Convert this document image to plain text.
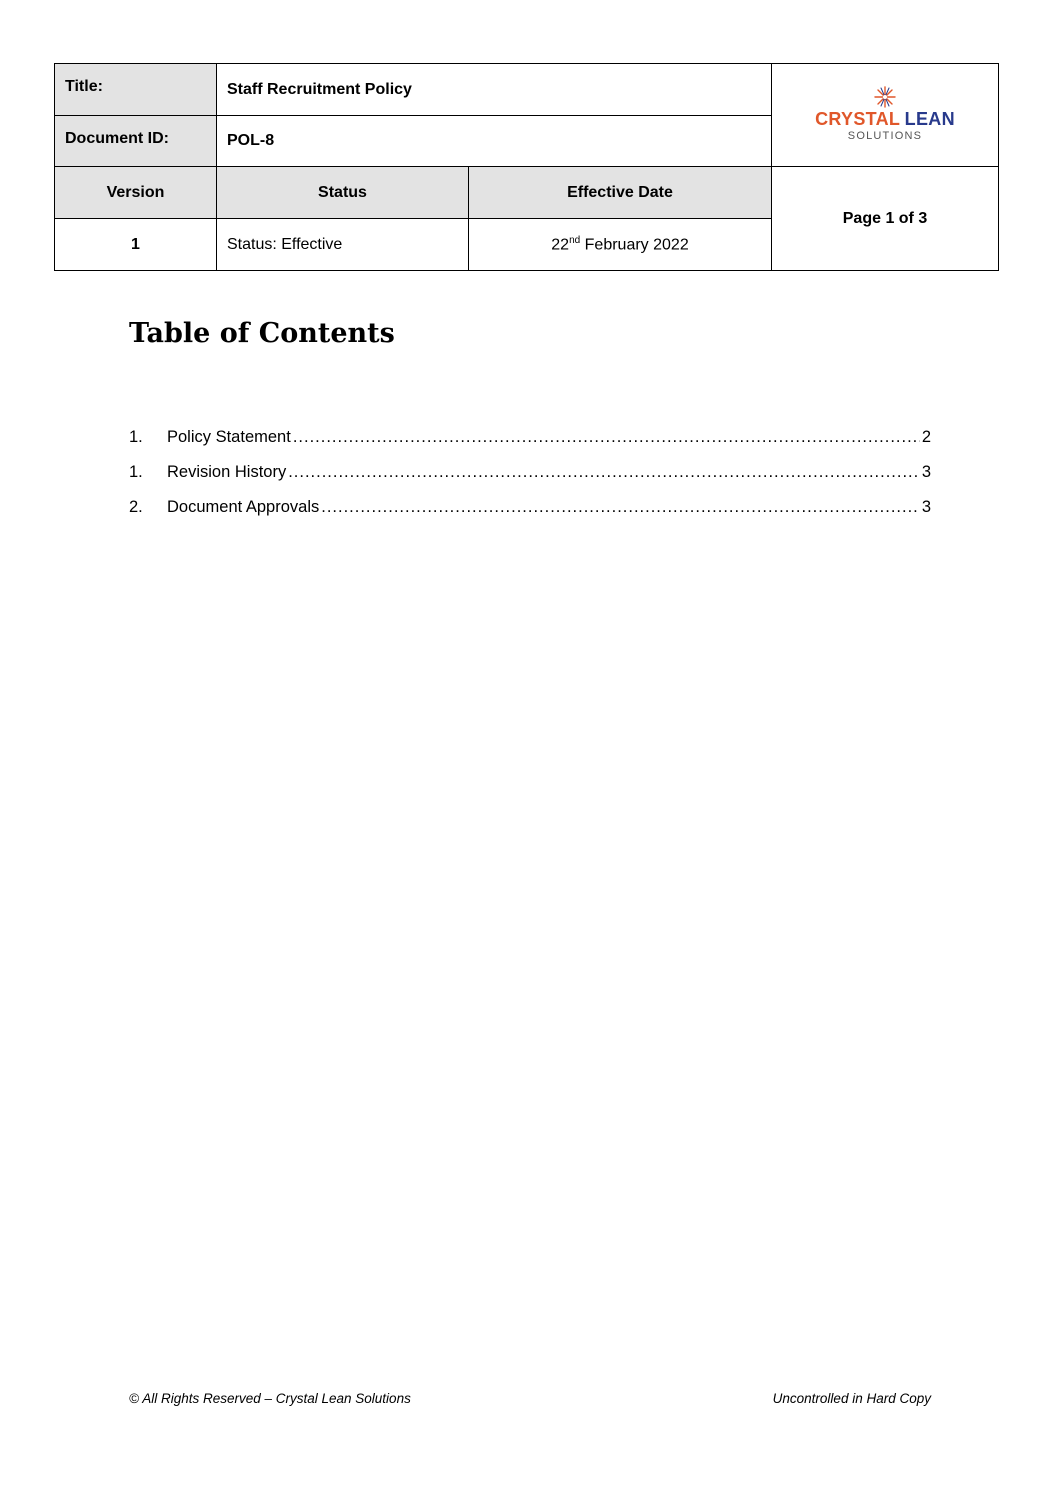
Title:	Staff Recruitment Policy		CRYSTAL LEAN
SOLUTIONS

Document ID:	POL-8		
Version	Status	Effective Date	Page 1 of 3
1	Status: Effective	22nd February 2022	
Table of Contents
1.	Policy Statement .....	2
1.	Revision History .....	3
2.	Document Approvals .....	3
© All Rights Reserved – Crystal Lean Solutions	Uncontrolled in Hard Copy
